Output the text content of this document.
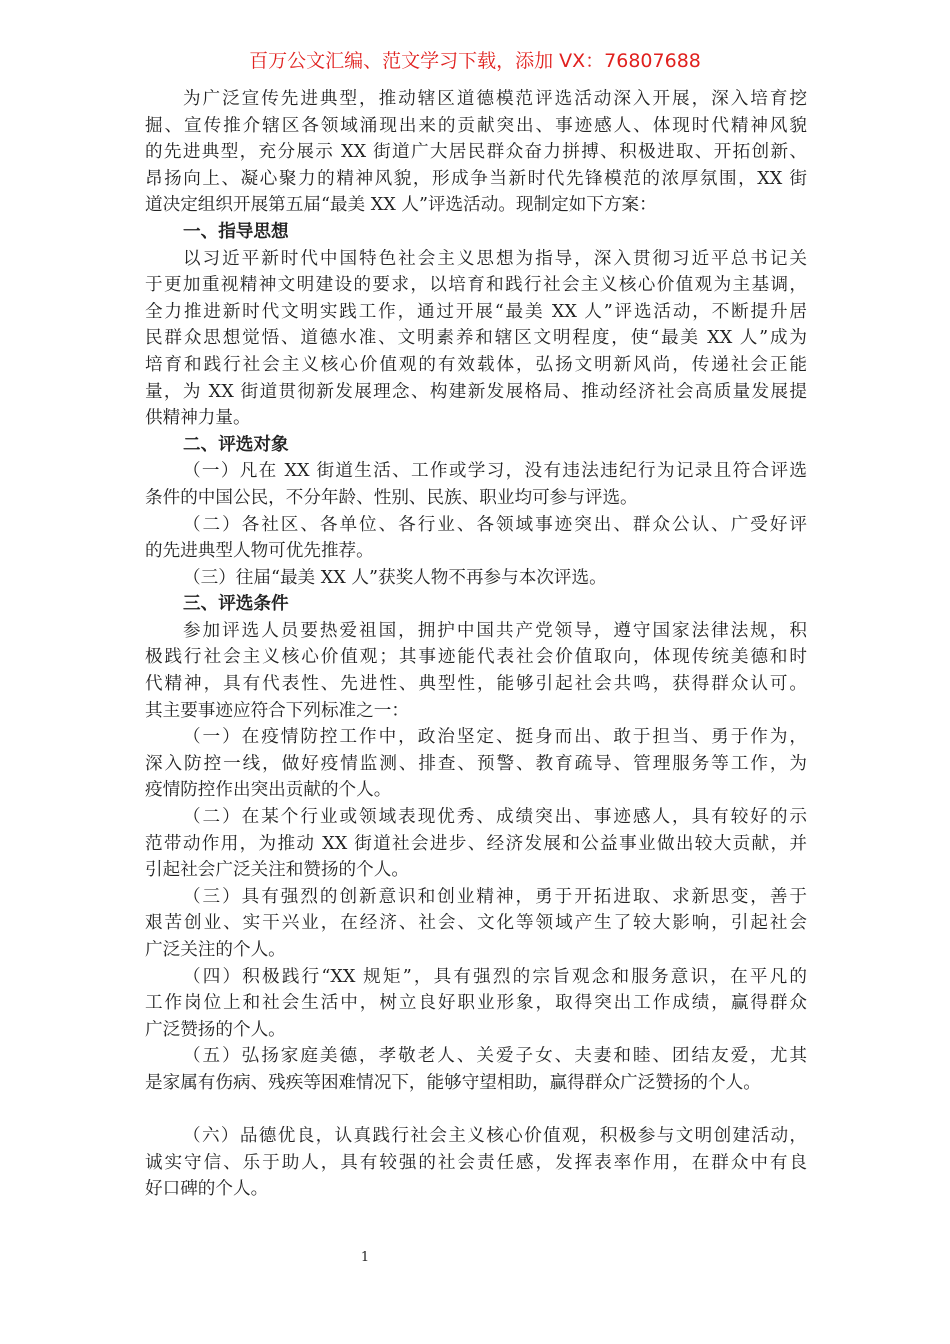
百万公文汇编、范文学习下载，添加 VX：76807688
为广泛宣传先进典型，推动辖区道德模范评选活动深入开展，深入培育挖
掘、宣传推介辖区各领域涌现出来的贡献突出、事迹感人、体现时代精神风貌
的先进典型，充分展示 XX 街道广大居民群众奋力拼搏、积极进取、开拓创新、
昂扬向上、凝心聚力的精神风貌，形成争当新时代先锋模范的浓厚氛围，XX 街
道决定组织开展第五届“最美 XX 人”评选活动。现制定如下方案：
一、指导思想
以习近平新时代中国特色社会主义思想为指导，深入贯彻习近平总书记关
于更加重视精神文明建设的要求，以培育和践行社会主义核心价值观为主基调，
全力推进新时代文明实践工作，通过开展“最美 XX 人”评选活动，不断提升居
民群众思想觉悟、道德水准、文明素养和辖区文明程度，使“最美 XX 人”成为
培育和践行社会主义核心价值观的有效载体，弘扬文明新风尚，传递社会正能
量，为 XX 街道贯彻新发展理念、构建新发展格局、推动经济社会高质量发展提
供精神力量。
二、评选对象
（一）凡在 XX 街道生活、工作或学习，没有违法违纪行为记录且符合评选
条件的中国公民，不分年龄、性别、民族、职业均可参与评选。
（二）各社区、各单位、各行业、各领域事迹突出、群众公认、广受好评
的先进典型人物可优先推荐。
（三）往届“最美 XX 人”获奖人物不再参与本次评选。
三、评选条件
参加评选人员要热爱祖国，拥护中国共产党领导，遵守国家法律法规，积
极践行社会主义核心价值观；其事迹能代表社会价值取向，体现传统美德和时
代精神，具有代表性、先进性、典型性，能够引起社会共鸣，获得群众认可。
其主要事迹应符合下列标准之一：
（一）在疫情防控工作中，政治坚定、挺身而出、敢于担当、勇于作为，
深入防控一线，做好疫情监测、排查、预警、教育疏导、管理服务等工作，为
疫情防控作出突出贡献的个人。
（二）在某个行业或领域表现优秀、成绩突出、事迹感人，具有较好的示
范带动作用，为推动 XX 街道社会进步、经济发展和公益事业做出较大贡献，并
引起社会广泛关注和赞扬的个人。
（三）具有强烈的创新意识和创业精神，勇于开拓进取、求新思变，善于
艰苦创业、实干兴业，在经济、社会、文化等领域产生了较大影响，引起社会
广泛关注的个人。
（四）积极践行“XX 规矩”，具有强烈的宗旨观念和服务意识，在平凡的
工作岗位上和社会生活中，树立良好职业形象，取得突出工作成绩，赢得群众
广泛赞扬的个人。
（五）弘扬家庭美德，孝敬老人、关爱子女、夫妻和睦、团结友爱，尤其
是家属有伤病、残疾等困难情况下，能够守望相助，赢得群众广泛赞扬的个人。
（六）品德优良，认真践行社会主义核心价值观，积极参与文明创建活动，
诚实守信、乐于助人，具有较强的社会责任感，发挥表率作用，在群众中有良
好口碑的个人。
1
